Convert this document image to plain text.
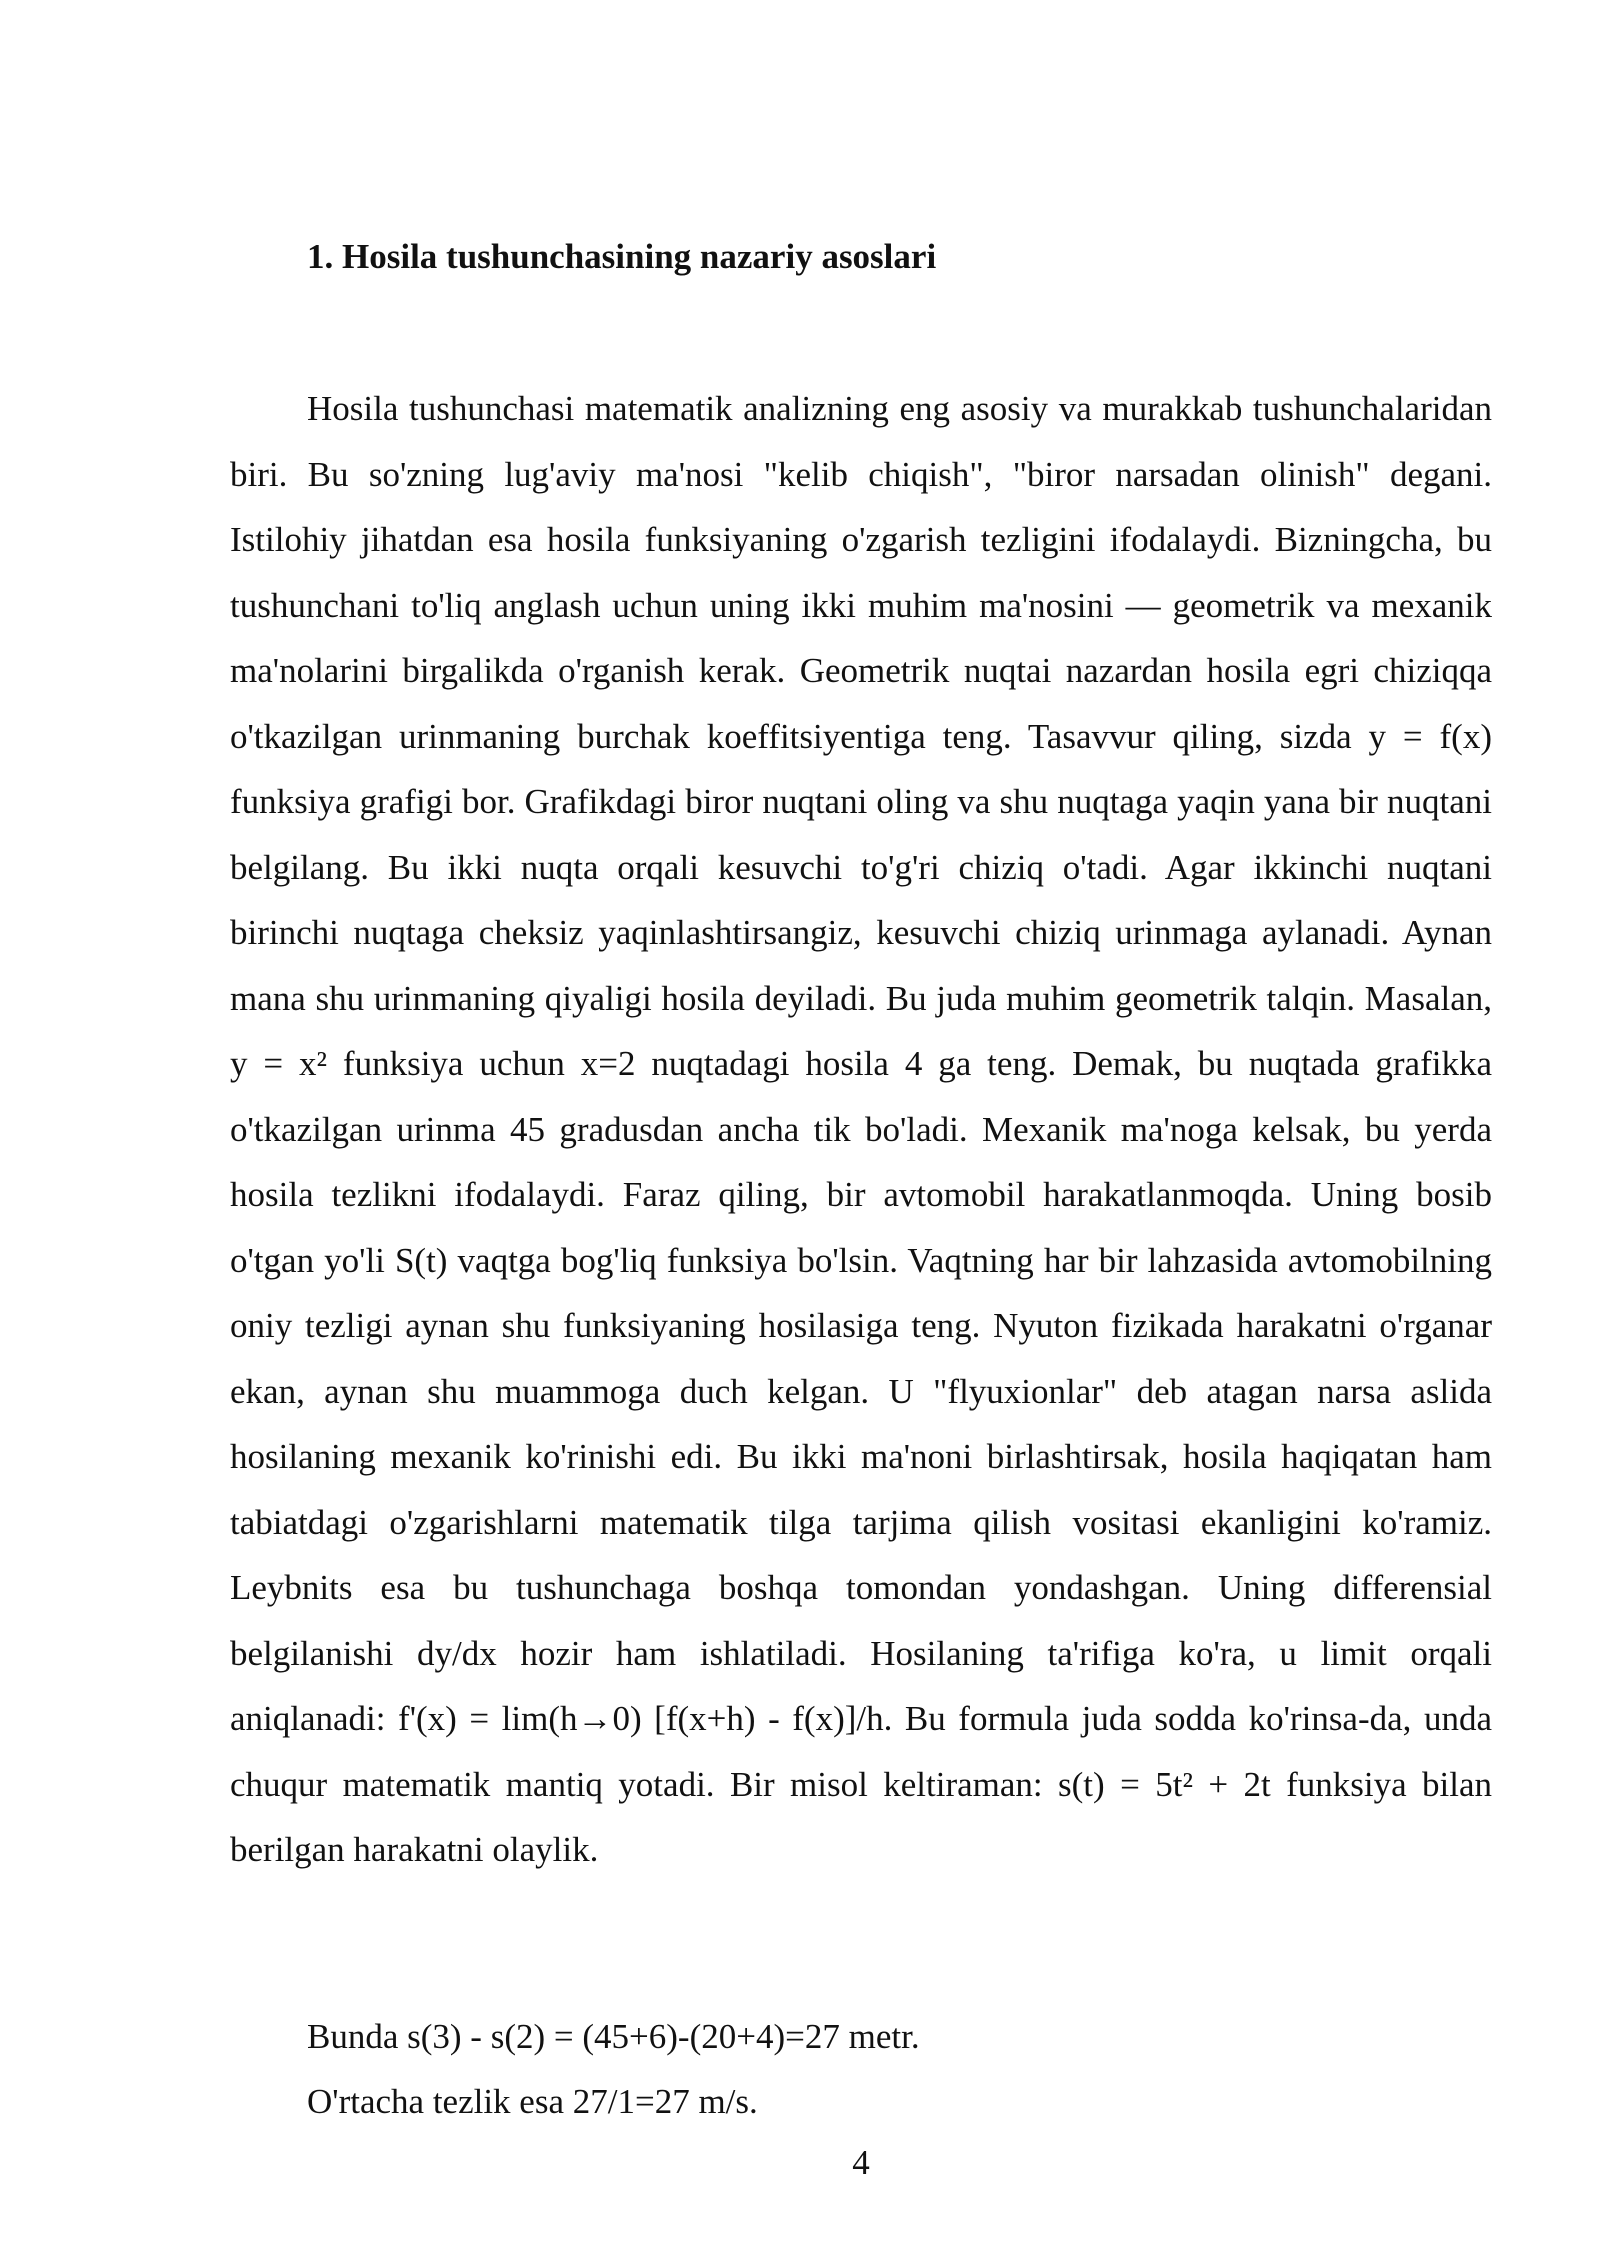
1. Hosila tushunchasining nazariy asoslari

Hosila tushunchasi matematik analizning eng asosiy va murakkab tushunchalaridan biri. Bu so'zning lug'aviy ma'nosi "kelib chiqish", "biror narsadan olinish" degani. Istilohiy jihatdan esa hosila funksiyaning o'zgarish tezligini ifodalaydi. Bizningcha, bu tushunchani to'liq anglash uchun uning ikki muhim ma'nosini — geometrik va mexanik ma'nolarini birgalikda o'rganish kerak. Geometrik nuqtai nazardan hosila egri chiziqqa o'tkazilgan urinmaning burchak koeffitsiyentiga teng. Tasavvur qiling, sizda y = f(x) funksiya grafigi bor. Grafikdagi biror nuqtani oling va shu nuqtaga yaqin yana bir nuqtani belgilang. Bu ikki nuqta orqali kesuvchi to'g'ri chiziq o'tadi. Agar ikkinchi nuqtani birinchi nuqtaga cheksiz yaqinlashtirsangiz, kesuvchi chiziq urinmaga aylanadi. Aynan mana shu urinmaning qiyaligi hosila deyiladi. Bu juda muhim geometrik talqin. Masalan, y = x² funksiya uchun x=2 nuqtadagi hosila 4 ga teng. Demak, bu nuqtada grafikka o'tkazilgan urinma 45 gradusdan ancha tik bo'ladi. Mexanik ma'noga kelsak, bu yerda hosila tezlikni ifodalaydi. Faraz qiling, bir avtomobil harakatlanmoqda. Uning bosib o'tgan yo'li S(t) vaqtga bog'liq funksiya bo'lsin. Vaqtning har bir lahzasida avtomobilning oniy tezligi aynan shu funksiyaning hosilasiga teng. Nyuton fizikada harakatni o'rganar ekan, aynan shu muammoga duch kelgan. U "flyuxionlar" deb atagan narsa aslida hosilaning mexanik ko'rinishi edi. Bu ikki ma'noni birlashtirsak, hosila haqiqatan ham tabiatdagi o'zgarishlarni matematik tilga tarjima qilish vositasi ekanligini ko'ramiz. Leybnits esa bu tushunchaga boshqa tomondan yondashgan. Uning differensial belgilanishi dy/dx hozir ham ishlatiladi. Hosilaning ta'rifiga ko'ra, u limit orqali aniqlanadi: f'(x) = lim(h→0) [f(x+h) - f(x)]/h. Bu formula juda sodda ko'rinsa-da, unda chuqur matematik mantiq yotadi. Bir misol keltiraman: s(t) = 5t² + 2t funksiya bilan berilgan harakatni olaylik.

Bunda s(3) - s(2) = (45+6)-(20+4)=27 metr.

O'rtacha tezlik esa 27/1=27 m/s.

4
